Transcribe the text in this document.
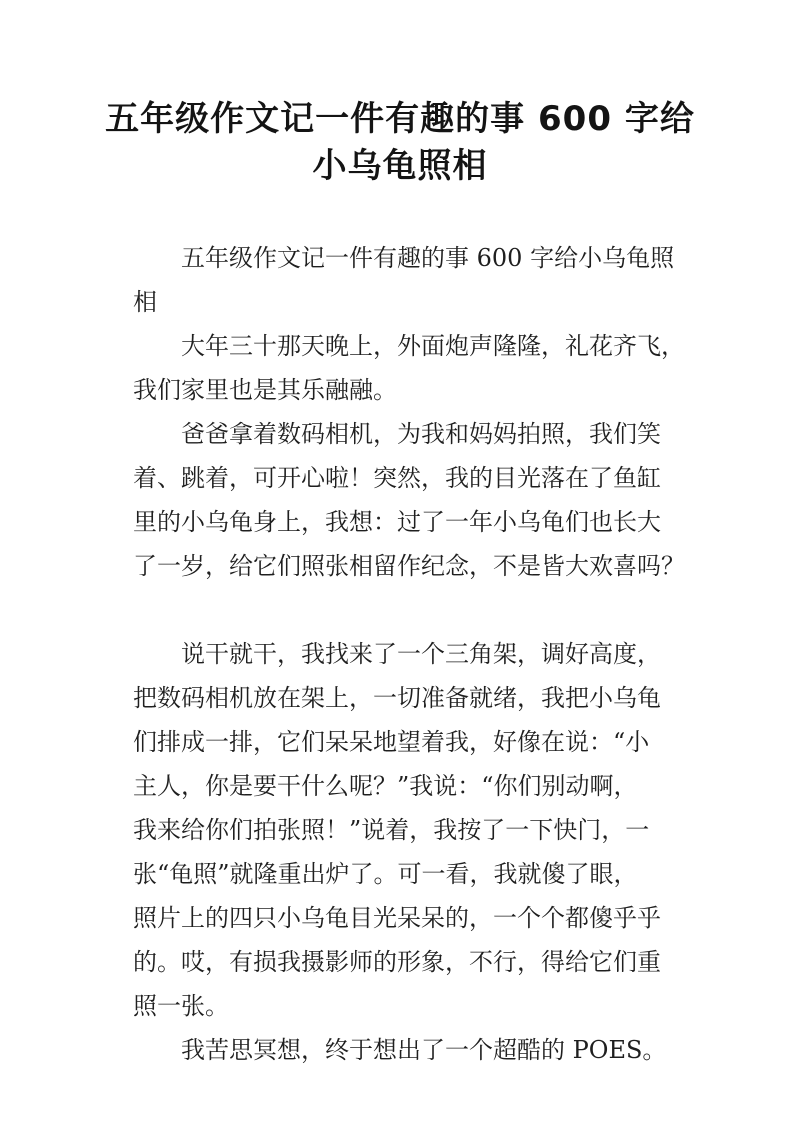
五年级作文记一件有趣的事 600 字给
小乌龟照相
五年级作文记一件有趣的事 600 字给小乌龟照
相
大年三十那天晚上，外面炮声隆隆，礼花齐飞，
我们家里也是其乐融融。
爸爸拿着数码相机，为我和妈妈拍照，我们笑
着、跳着，可开心啦！突然，我的目光落在了鱼缸
里的小乌龟身上，我想：过了一年小乌龟们也长大
了一岁，给它们照张相留作纪念，不是皆大欢喜吗？
说干就干，我找来了一个三角架，调好高度，
把数码相机放在架上，一切准备就绪，我把小乌龟
们排成一排，它们呆呆地望着我，好像在说：“小
主人，你是要干什么呢？”我说：“你们别动啊，
我来给你们拍张照！”说着，我按了一下快门，一
张“龟照”就隆重出炉了。可一看，我就傻了眼，
照片上的四只小乌龟目光呆呆的，一个个都傻乎乎
的。哎，有损我摄影师的形象，不行，得给它们重
照一张。
我苦思冥想，终于想出了一个超酷的 POES。
